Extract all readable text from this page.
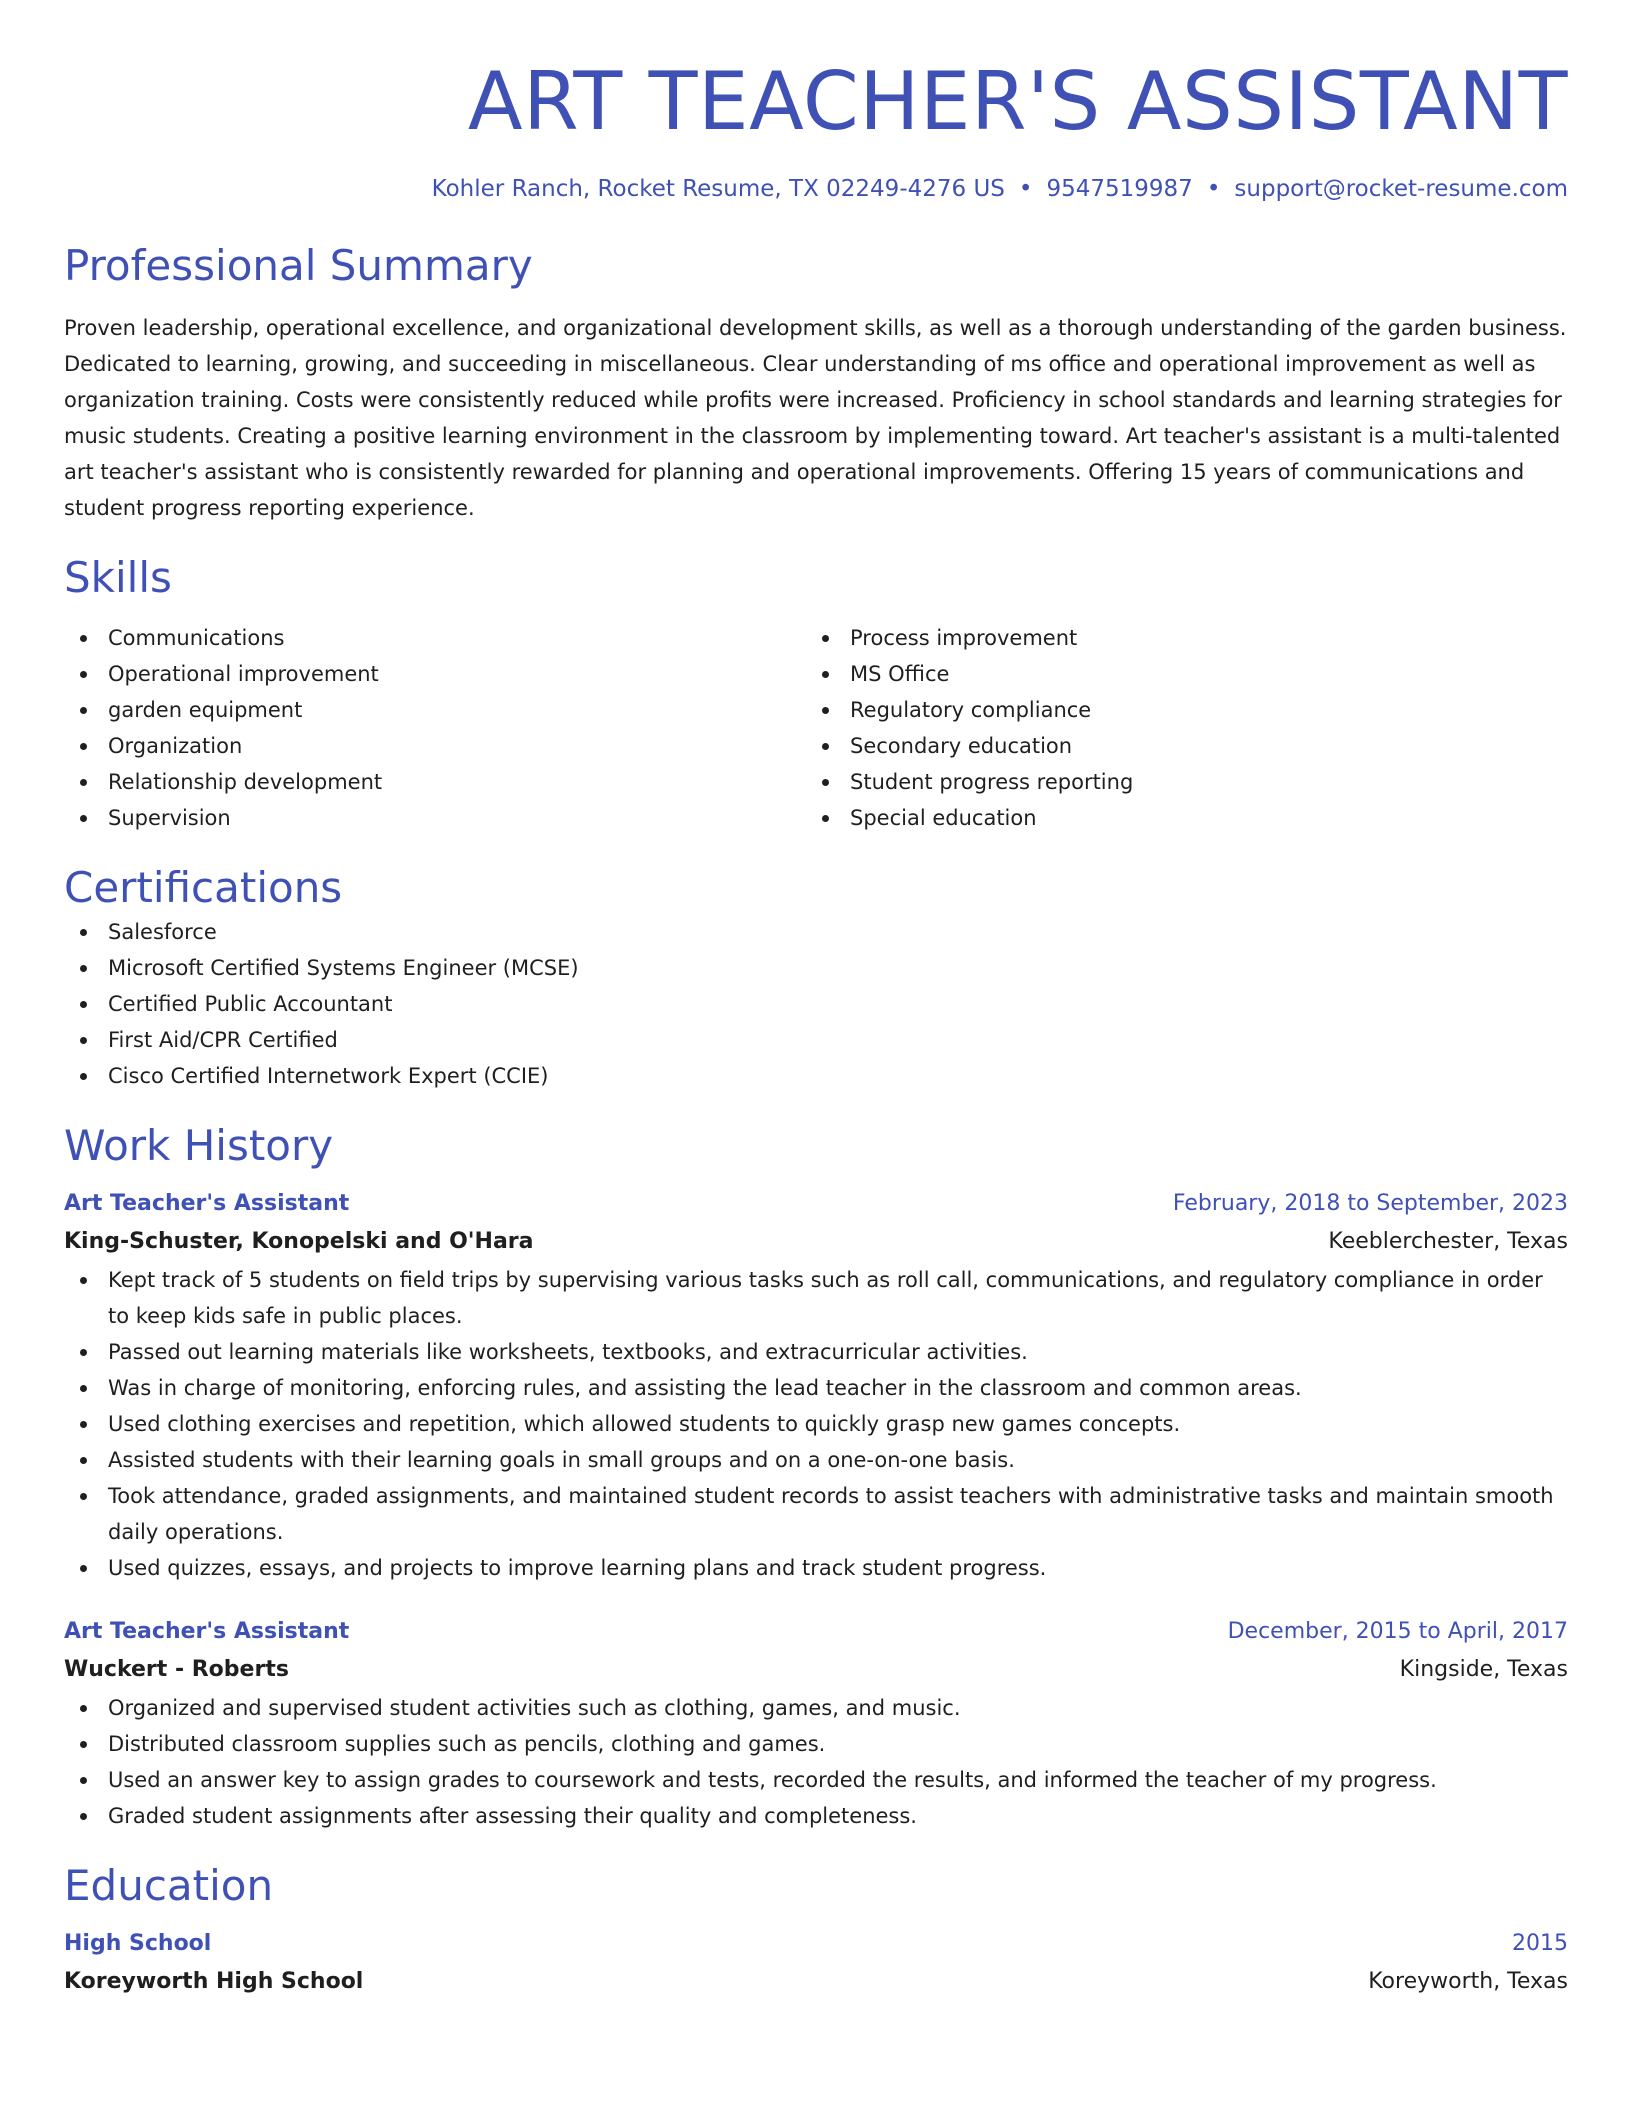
ART TEACHER'S ASSISTANT
Kohler Ranch, Rocket Resume, TX 02249-4276 US • 9547519987 • support@rocket-resume.com
Professional Summary

Proven leadership, operational excellence, and organizational development skills, as well as a thorough understanding of the garden business. Dedicated to learning, growing, and succeeding in miscellaneous. Clear understanding of ms office and operational improvement as well as organization training. Costs were consistently reduced while profits were increased. Proficiency in school standards and learning strategies for music students. Creating a positive learning environment in the classroom by implementing toward. Art teacher's assistant is a multi-talented art teacher's assistant who is consistently rewarded for planning and operational improvements. Offering 15 years of communications and student progress reporting experience.

Skills
Communications
Operational improvement
garden equipment
Organization
Relationship development
Supervision
Process improvement
MS Office
Regulatory compliance
Secondary education
Student progress reporting
Special education
Certifications
Salesforce
Microsoft Certified Systems Engineer (MCSE)
Certified Public Accountant
First Aid/CPR Certified
Cisco Certified Internetwork Expert (CCIE)
Work History
Art Teacher's Assistant	February, 2018 to September, 2023
King-Schuster, Konopelski and O'Hara	Keeblerchester, Texas
Kept track of 5 students on field trips by supervising various tasks such as roll call, communications, and regulatory compliance in order to keep kids safe in public places.
Passed out learning materials like worksheets, textbooks, and extracurricular activities.
Was in charge of monitoring, enforcing rules, and assisting the lead teacher in the classroom and common areas.
Used clothing exercises and repetition, which allowed students to quickly grasp new games concepts.
Assisted students with their learning goals in small groups and on a one-on-one basis.
Took attendance, graded assignments, and maintained student records to assist teachers with administrative tasks and maintain smooth daily operations.
Used quizzes, essays, and projects to improve learning plans and track student progress.
Art Teacher's Assistant	December, 2015 to April, 2017
Wuckert - Roberts	Kingside, Texas
Organized and supervised student activities such as clothing, games, and music.
Distributed classroom supplies such as pencils, clothing and games.
Used an answer key to assign grades to coursework and tests, recorded the results, and informed the teacher of my progress.
Graded student assignments after assessing their quality and completeness.
Education
High School	2015
Koreyworth High School	Koreyworth, Texas
